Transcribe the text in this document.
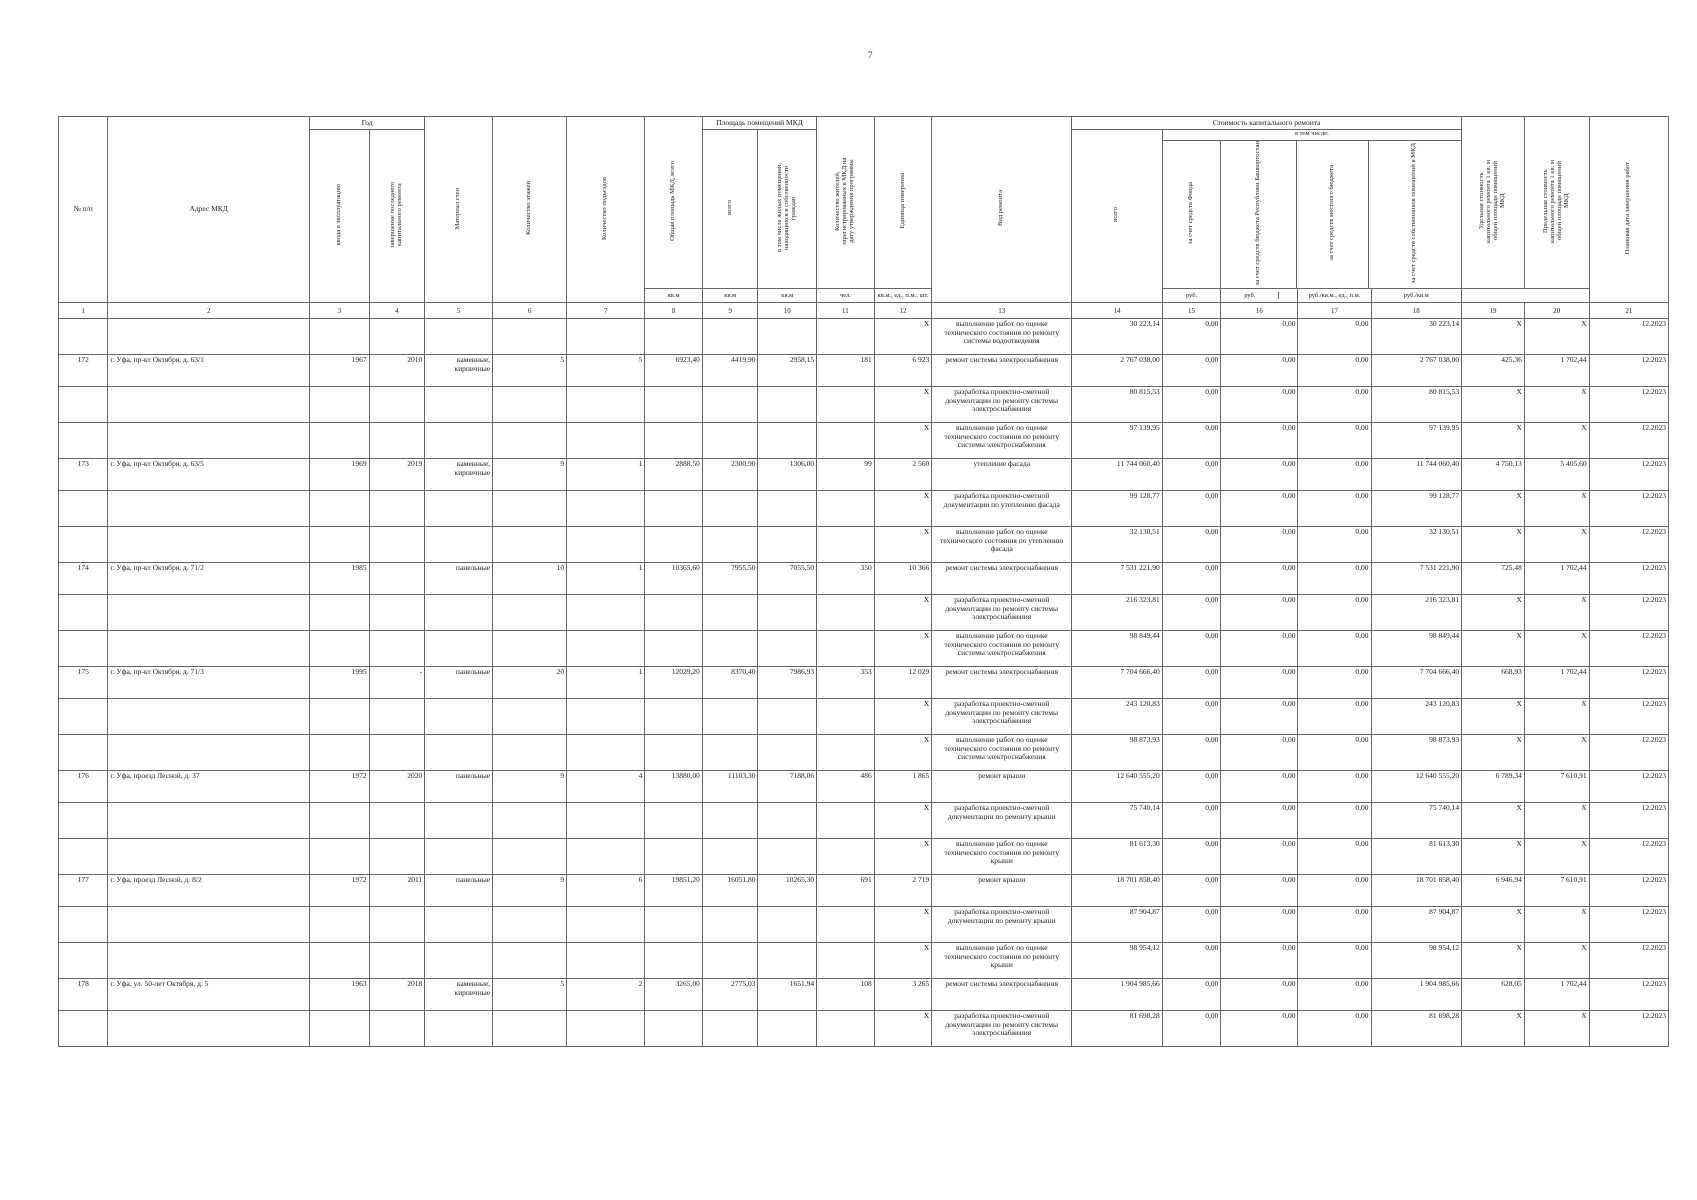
7
№ п/п	Адрес МКД	Год	Материал стен	Количество этажей	Количество подъездов	Общая площадь МКД, всего	Площадь помещений МКД	Количество жителей, зарегистрированных в МКД на дату утверждения программы	Единица измерения	Вид ремонта	Стоимость капитального ремонта	Удельная стоимость капитального ремонта 1 кв. м общей площади помещений МКД	Предельная стоимость капитального ремонта 1 кв. м общей площади помещений МКД	Плановая дата завершения работ
ввода в эксплуатацию	завершение последнего капитального ремонта	всего	в том числе жилых помещений, находящихся в собственности граждан	всего	
в том числе:
за счет средств Фонда	за счет средств бюджета Республики Башкортостан	за счет средств местного бюджета	за счет средств собственников помещений в МКД

кв.м	кв.м	кв.м	чел.	кв.м., ед., п.м., шт.	руб.		руб.			
		руб./кв.м., ед., п.м.	руб./кв.м
1	2	3	4	5	6	7	8	9	10	11	12	13	14	15	16	17	18	19	20	21
											X	выполнение работ по оценке технического состояния по ремонту системы водоотведения	30 223,14	0,00	0,00	0,00	30 223,14	X	X	12.2023
172	г. Уфа, пр-кт Октября, д. 63/1	1967	2010	каменные, кирпичные	5	5	6923,40	4419,90	2958,15	181	6 923	ремонт системы электроснабжения	2 767 038,00	0,00	0,00	0,00	2 767 038,00	425,36	1 702,44	12.2023
											X	разработка проектно-сметной документации по ремонту системы электроснабжения	80 815,53	0,00	0,00	0,00	80 815,53	X	X	12.2023
											X	выполнение работ по оценке технического состояния по ремонту системы электроснабжения	97 139,95	0,00	0,00	0,00	97 139,95	X	X	12.2023
173	г. Уфа, пр-кт Октября, д. 63/5	1969	2019	каменные, кирпичные	9	1	2888,50	2300,90	1306,00	99	2 560	утепление фасада	11 744 060,40	0,00	0,00	0,00	11 744 060,40	4 750,13	5 405,60	12.2023
											X	разработка проектно-сметной документации по утеплению фасада	99 128,77	0,00	0,00	0,00	99 128,77	X	X	12.2023
											X	выполнение работ по оценке технического состояния по утеплению фасада	32 130,51	0,00	0,00	0,00	32 130,51	X	X	12.2023
174	г. Уфа, пр-кт Октября, д. 71/2	1985		панельные	10	1	10365,60	7955,50	7055,50	350	10 366	ремонт системы электроснабжения	7 531 221,90	0,00	0,00	0,00	7 531 221,90	725,48	1 702,44	12.2023
											X	разработка проектно-сметной документации по ремонту системы электроснабжения	216 323,81	0,00	0,00	0,00	216 323,81	X	X	12.2023
											X	выполнение работ по оценке технического состояния по ремонту системы электроснабжения	98 849,44	0,00	0,00	0,00	98 849,44	X	X	12.2023
175	г. Уфа, пр-кт Октября, д. 71/3	1995	-	панельные	20	1	12029,20	8370,40	7986,93	353	12 029	ремонт системы электроснабжения	7 704 666,40	0,00	0,00	0,00	7 704 666,40	668,93	1 702,44	12.2023
											X	разработка проектно-сметной документации по ремонту системы электроснабжения	243 120,83	0,00	0,00	0,00	243 120,83	X	X	12.2023
											X	выполнение работ по оценке технического состояния по ремонту системы электроснабжения	98 873,93	0,00	0,00	0,00	98 873,93	X	X	12.2023
176	г. Уфа, проезд Лесной, д. 37	1972	2020	панельные	9	4	13880,00	11103,30	7188,06	486	1 865	ремонт крыши	12 640 555,20	0,00	0,00	0,00	12 640 555,20	6 789,34	7 610,91	12.2023
											X	разработка проектно-сметной документации по ремонту крыши	75 740,14	0,00	0,00	0,00	75 740,14	X	X	12.2023
											X	выполнение работ по оценке технического состояния по ремонту крыши	81 613,30	0,00	0,00	0,00	81 613,30	X	X	12.2023
177	г. Уфа, проезд Лесной, д. 8/2	1972	2011	панельные	9	6	19851,20	16051,80	10265,30	691	2 719	ремонт крыши	18 701 858,40	0,00	0,00	0,00	18 701 858,40	6 946,94	7 610,91	12.2023
											X	разработка проектно-сметной документации по ремонту крыши	87 904,87	0,00	0,00	0,00	87 904,87	X	X	12.2023
											X	выполнение работ по оценке технического состояния по ремонту крыши	98 954,12	0,00	0,00	0,00	98 954,12	X	X	12.2023
178	г. Уфа, ул. 50-лет Октября, д. 5	1963	2018	каменные, кирпичные	5	2	3265,00	2775,03	1651,94	108	3 265	ремонт системы электроснабжения	1 904 985,66	0,00	0,00	0,00	1 904 985,66	628,05	1 702,44	12.2023
											X	разработка проектно-сметной документации по ремонту системы электроснабжения	81 698,28	0,00	0,00	0,00	81 698,28	X	X	12.2023
